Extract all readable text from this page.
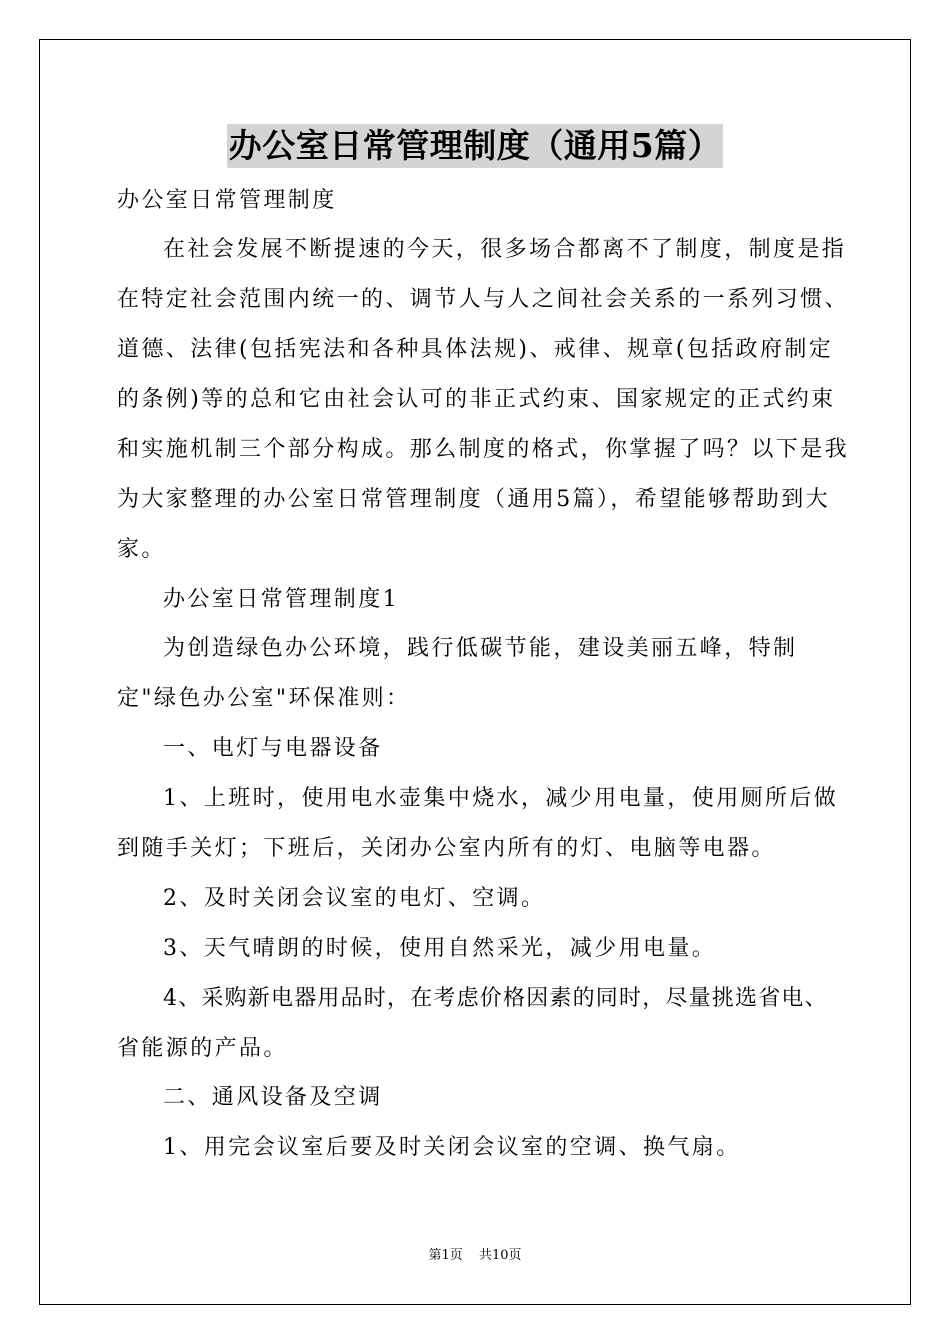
办公室日常管理制度（通用5篇）
办公室日常管理制度
在社会发展不断提速的今天，很多场合都离不了制度，制度是指
在特定社会范围内统一的、调节人与人之间社会关系的一系列习惯、
道德、法律(包括宪法和各种具体法规)、戒律、规章(包括政府制定
的条例)等的总和它由社会认可的非正式约束、国家规定的正式约束
和实施机制三个部分构成。那么制度的格式，你掌握了吗？以下是我
为大家整理的办公室日常管理制度（通用5篇），希望能够帮助到大
家。
办公室日常管理制度1
为创造绿色办公环境，践行低碳节能，建设美丽五峰，特制
定"绿色办公室"环保准则：
一、电灯与电器设备
1、上班时，使用电水壶集中烧水，减少用电量，使用厕所后做
到随手关灯；下班后，关闭办公室内所有的灯、电脑等电器。
2、及时关闭会议室的电灯、空调。
3、天气晴朗的时候，使用自然采光，减少用电量。
4、采购新电器用品时，在考虑价格因素的同时，尽量挑选省电、
省能源的产品。
二、通风设备及空调
1、用完会议室后要及时关闭会议室的空调、换气扇。
第1页 共10页
